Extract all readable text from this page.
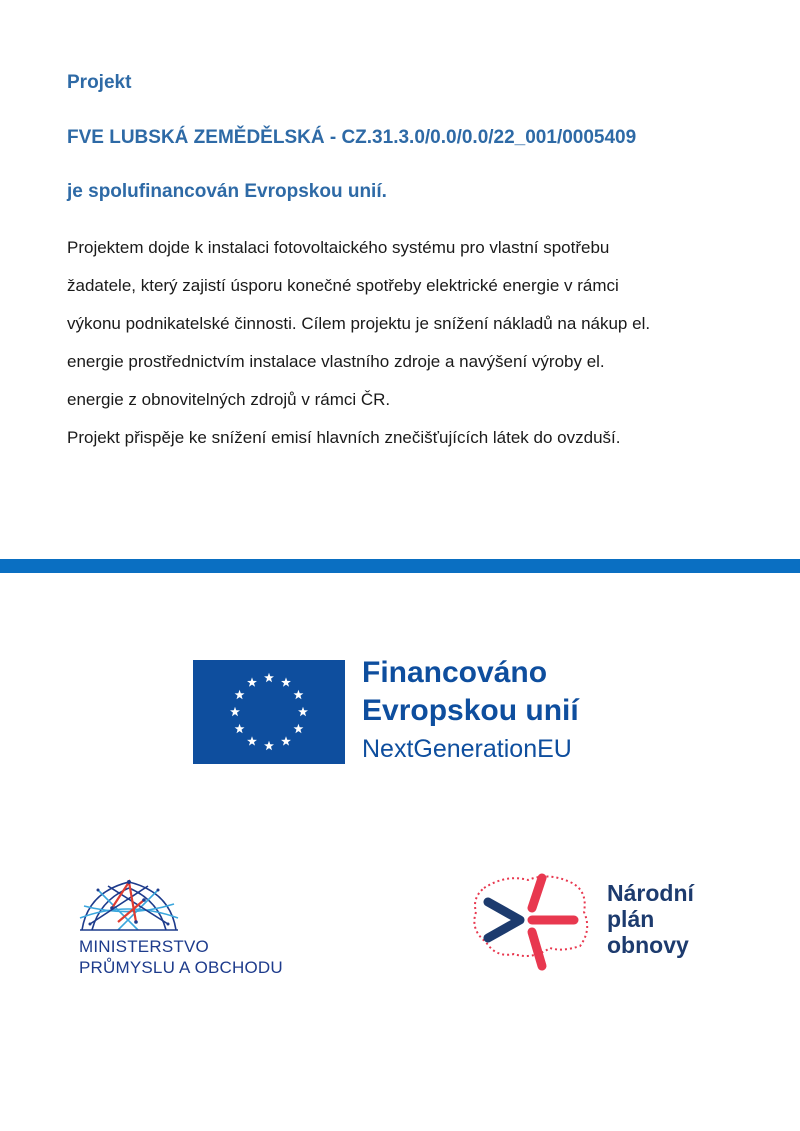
Projekt
FVE LUBSKÁ ZEMĚDĚLSKÁ - CZ.31.3.0/0.0/0.0/22_001/0005409
je spolufinancován Evropskou unií.

Projektem dojde k instalaci fotovoltaického systému pro vlastní spotřebu

žadatele, který zajistí úsporu konečné spotřeby elektrické energie v rámci

výkonu podnikatelské činnosti. Cílem projektu je snížení nákladů na nákup el.

energie prostřednictvím instalace vlastního zdroje a navýšení výroby el.

energie z obnovitelných zdrojů v rámci ČR.

Projekt přispěje ke snížení emisí hlavních znečišťujících látek do ovzduší.

Financováno
Evropskou unií
NextGenerationEU
MINISTERSTVO
PRŮMYSLU A OBCHODU
Národní
plán
obnovy
